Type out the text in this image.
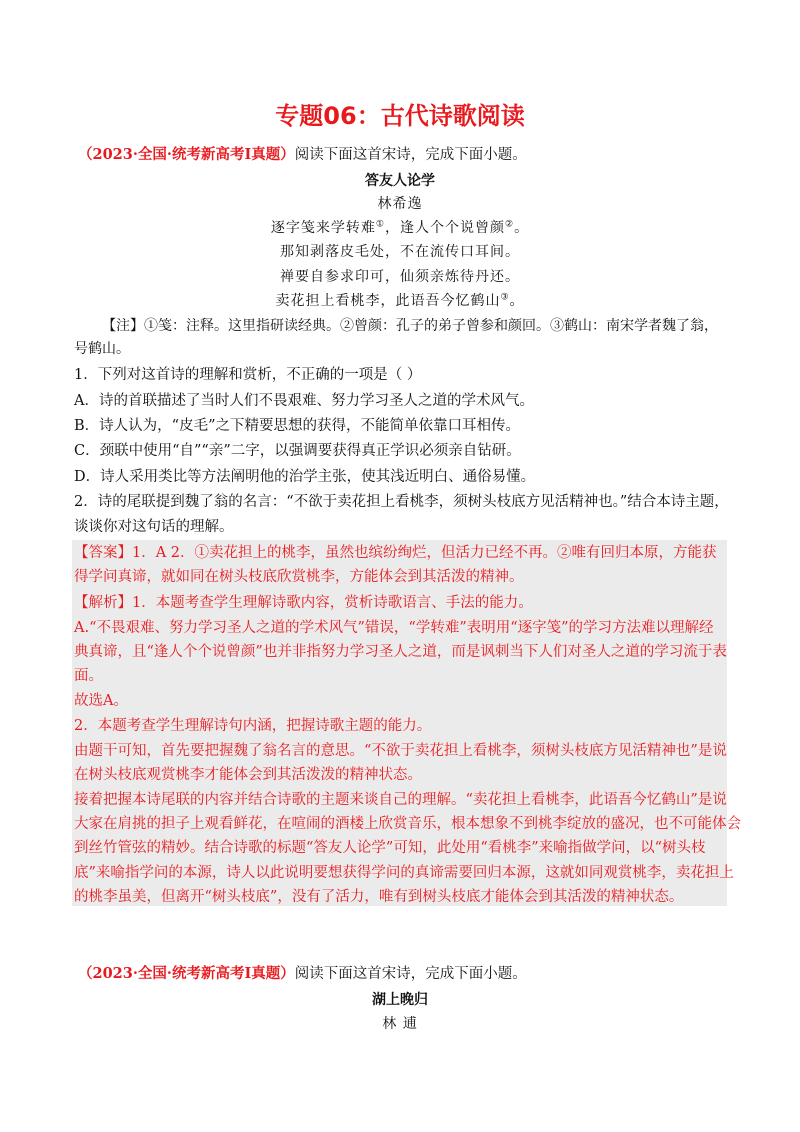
专题06：古代诗歌阅读
（2023·全国·统考新高考Ⅰ真题）阅读下面这首宋诗，完成下面小题。
答友人论学
林希逸
逐字笺来学转难①，逢人个个说曾颜②。
那知剥落皮毛处，不在流传口耳间。
禅要自参求印可，仙须亲炼待丹还。
卖花担上看桃李，此语吾今忆鹤山③。
【注】①笺：注释。这里指研读经典。②曾颜：孔子的弟子曾参和颜回。③鹤山：南宋学者魏了翁，
号鹤山。
1．下列对这首诗的理解和赏析，不正确的一项是（ ）
A．诗的首联描述了当时人们不畏艰难、努力学习圣人之道的学术风气。
B．诗人认为，“皮毛”之下精要思想的获得，不能简单依靠口耳相传。
C．颈联中使用“自”“亲”二字，以强调要获得真正学识必须亲自钻研。
D．诗人采用类比等方法阐明他的治学主张，使其浅近明白、通俗易懂。
2．诗的尾联提到魏了翁的名言：“不欲于卖花担上看桃李，须树头枝底方见活精神也。”结合本诗主题，
谈谈你对这句话的理解。
【答案】1．A 2．①卖花担上的桃李，虽然也缤纷绚烂，但活力已经不再。②唯有回归本原，方能获
得学问真谛，就如同在树头枝底欣赏桃李，方能体会到其活泼的精神。
【解析】1．本题考查学生理解诗歌内容，赏析诗歌语言、手法的能力。
A.“不畏艰难、努力学习圣人之道的学术风气”错误，“学转难”表明用“逐字笺”的学习方法难以理解经
典真谛，且“逢人个个说曾颜”也并非指努力学习圣人之道，而是讽刺当下人们对圣人之道的学习流于表
面。
故选A。
2．本题考查学生理解诗句内涵，把握诗歌主题的能力。
由题干可知，首先要把握魏了翁名言的意思。“不欲于卖花担上看桃李，须树头枝底方见活精神也”是说
在树头枝底观赏桃李才能体会到其活泼泼的精神状态。
接着把握本诗尾联的内容并结合诗歌的主题来谈自己的理解。“卖花担上看桃李，此语吾今忆鹤山”是说
大家在肩挑的担子上观看鲜花，在喧闹的酒楼上欣赏音乐，根本想象不到桃李绽放的盛况，也不可能体会
到丝竹管弦的精妙。结合诗歌的标题“答友人论学”可知，此处用“看桃李”来喻指做学问，以“树头枝
底”来喻指学问的本源，诗人以此说明要想获得学问的真谛需要回归本源，这就如同观赏桃李，卖花担上
的桃李虽美，但离开“树头枝底”，没有了活力，唯有到树头枝底才能体会到其活泼的精神状态。
（2023·全国·统考新高考Ⅰ真题）阅读下面这首宋诗，完成下面小题。
湖上晚归
林 逋
